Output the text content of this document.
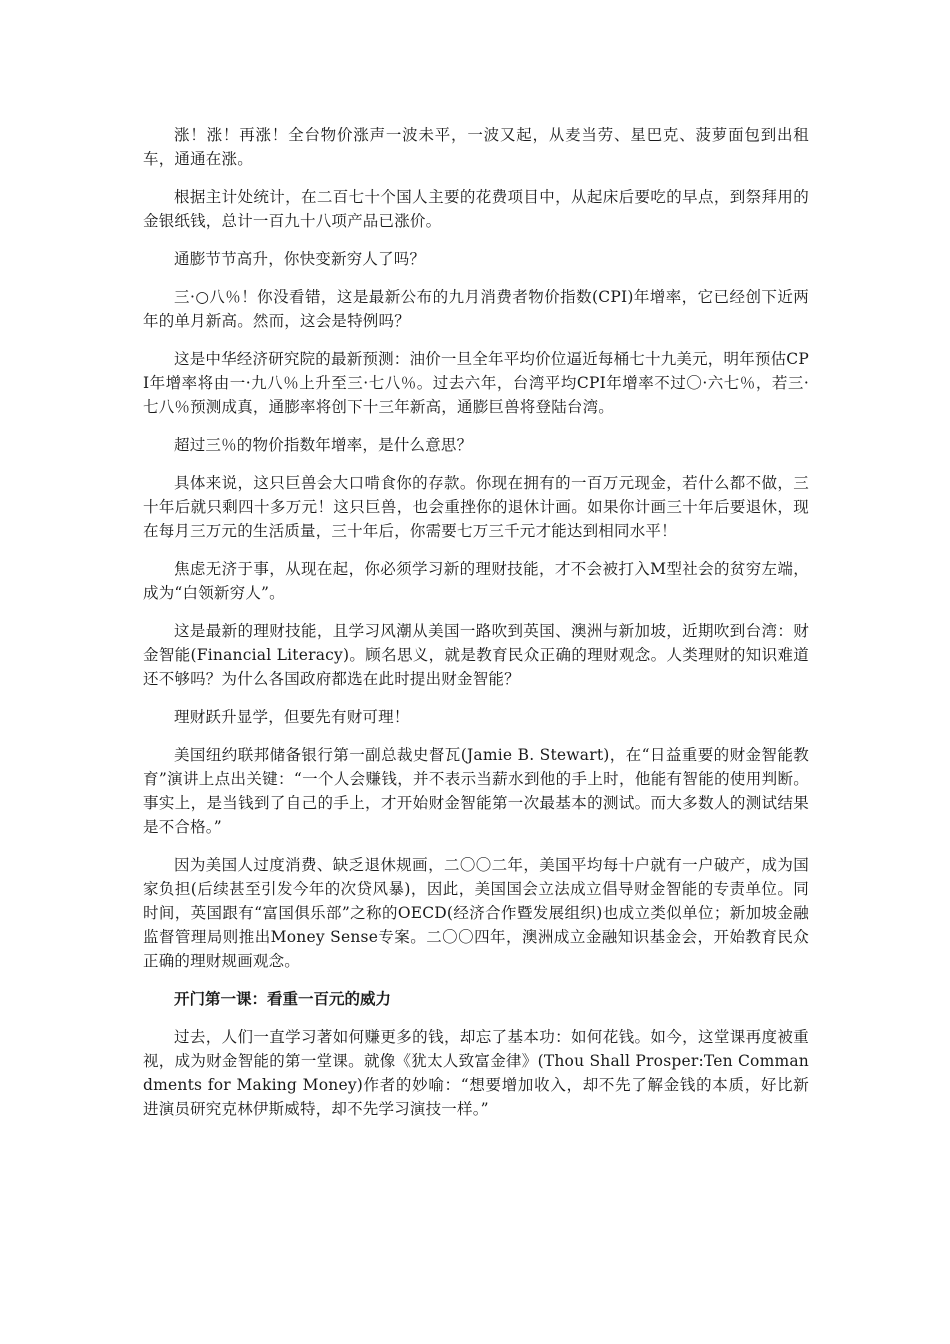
涨！涨！再涨！全台物价涨声一波未平，一波又起，从麦当劳、星巴克、菠萝面包到出租车，通通在涨。

根据主计处统计，在二百七十个国人主要的花费项目中，从起床后要吃的早点，到祭拜用的金银纸钱，总计一百九十八项产品已涨价。

通膨节节高升，你快变新穷人了吗？

三·○八％！你没看错，这是最新公布的九月消费者物价指数(CPI)年增率，它已经创下近两年的单月新高。然而，这会是特例吗？

这是中华经济研究院的最新预测：油价一旦全年平均价位逼近每桶七十九美元，明年预估CPI年增率将由一·九八％上升至三·七八％。过去六年，台湾平均CPI年增率不过〇·六七％，若三·七八％预测成真，通膨率将创下十三年新高，通膨巨兽将登陆台湾。

超过三％的物价指数年增率，是什么意思？

具体来说，这只巨兽会大口啃食你的存款。你现在拥有的一百万元现金，若什么都不做，三十年后就只剩四十多万元！这只巨兽，也会重挫你的退休计画。如果你计画三十年后要退休，现在每月三万元的生活质量，三十年后，你需要七万三千元才能达到相同水平！

焦虑无济于事，从现在起，你必须学习新的理财技能，才不会被打入M型社会的贫穷左端，成为“白领新穷人”。

这是最新的理财技能，且学习风潮从美国一路吹到英国、澳洲与新加坡，近期吹到台湾：财金智能(Financial Literacy)。顾名思义，就是教育民众正确的理财观念。人类理财的知识难道还不够吗？为什么各国政府都选在此时提出财金智能？

理财跃升显学，但要先有财可理！

美国纽约联邦储备银行第一副总裁史督瓦(Jamie B. Stewart)，在“日益重要的财金智能教育”演讲上点出关键：“一个人会赚钱，并不表示当薪水到他的手上时，他能有智能的使用判断。事实上，是当钱到了自己的手上，才开始财金智能第一次最基本的测试。而大多数人的测试结果是不合格。”

因为美国人过度消费、缺乏退休规画，二〇〇二年，美国平均每十户就有一户破产，成为国家负担(后续甚至引发今年的次贷风暴)，因此，美国国会立法成立倡导财金智能的专责单位。同时间，英国跟有“富国俱乐部”之称的OECD(经济合作暨发展组织)也成立类似单位；新加坡金融监督管理局则推出Money Sense专案。二〇〇四年，澳洲成立金融知识基金会，开始教育民众正确的理财规画观念。

开门第一课：看重一百元的威力

过去，人们一直学习著如何赚更多的钱，却忘了基本功：如何花钱。如今，这堂课再度被重视，成为财金智能的第一堂课。就像《犹太人致富金律》(Thou Shall Prosper:Ten Commandments for Making Money)作者的妙喻：“想要增加收入，却不先了解金钱的本质，好比新进演员研究克林伊斯威特，却不先学习演技一样。”
